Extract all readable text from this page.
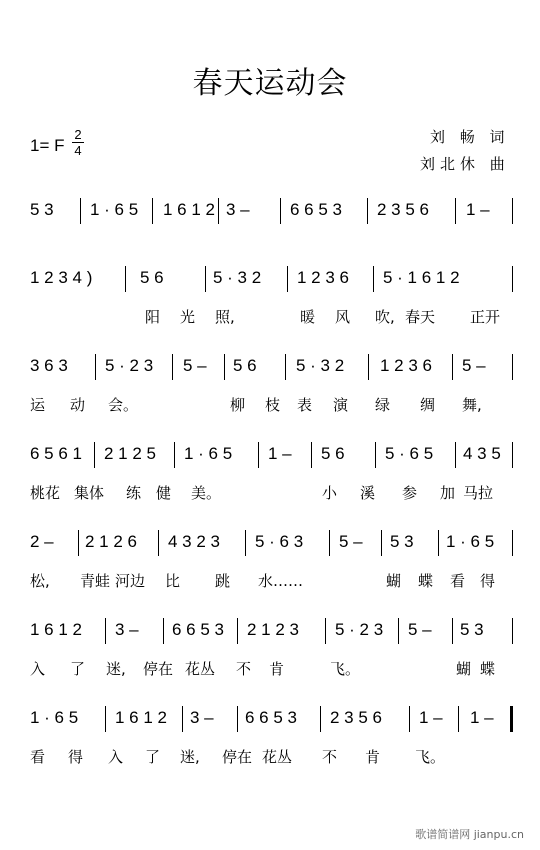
春天运动会
1= F
2
4
刘 畅 词
刘北休 曲
5 3 1 · 6 5 1 6 1 2 3 – 6 6 5 3 2 3 5 6 1 –
1 2 3 4 )	5 6	5 · 3 2 1 2 3 6 5 · 1 6 1 2
阳 光 照,	暖 风 吹, 春天 正开
3 6 3 5 · 2 3 5 – 5 6 5 · 3 2 1 2 3 6 5 –
运 动 会。	柳 枝 表 演 绿 绸 舞,
6 5 6 1 2 1 2 5 1 · 6 5 1 – 5 6 5 · 6 5 4 3 5
桃花 集体 练 健 美。	小 溪 参 加 马拉
2 – 2 1 2 6 4 3 2 3 5 · 6 3 5 – 5 3 1 · 6 5
松, 青蛙 河边 比 跳 水……	蝴 蝶 看 得
1 6 1 2 3 – 6 6 5 3 2 1 2 3 5 · 2 3 5 – 5 3
入 了 迷, 停在 花丛 不 肯	飞。	蝴 蝶
1 · 6 5 1 6 1 2 3 – 6 6 5 3 2 3 5 6 1 – 1 –
看 得 入 了 迷, 停在 花丛 不 肯 飞。
歌谱简谱网 jianpu.cn
